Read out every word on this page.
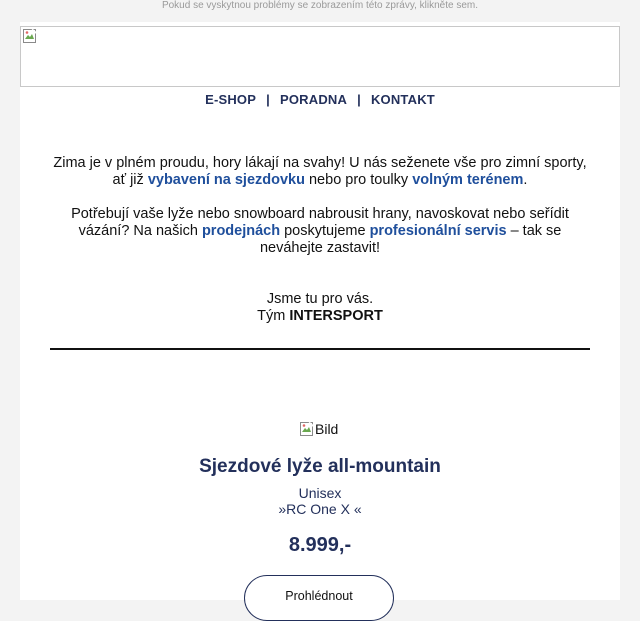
Pokud se vyskytnou problémy se zobrazením této zprávy, klikněte sem.
E-SHOP | PORADNA | KONTAKT
Zima je v plném proudu, hory lákají na svahy! U nás seženete vše pro zimní sporty, ať již vybavení na sjezdovku nebo pro toulky volným terénem.
Potřebují vaše lyže nebo snowboard nabrousit hrany, navoskovat nebo seřídit vázání? Na našich prodejnách poskytujeme profesionální servis – tak se neváhejte zastavit!
Jsme tu pro vás.
Tým INTERSPORT
Bild
Sjezdové lyže all-mountain
Unisex
»RC One X «
8.999,-
Prohlédnout
